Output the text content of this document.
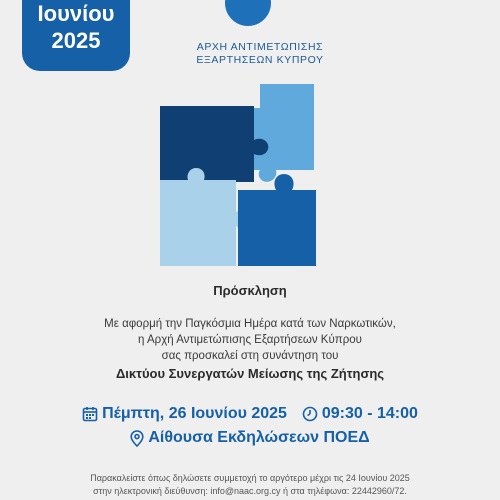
Ιουνίου
2025	ΑΡΧΗ ΑΝΤΙΜΕΤΩΠΙΣΗΣ
ΕΞΑΡΤΗΣΕΩΝ ΚΥΠΡΟΥ
Πρόσκληση
Με αφορμή την Παγκόσμια Ημέρα κατά των Ναρκωτικών,
η Αρχή Αντιμετώπισης Εξαρτήσεων Κύπρου
σας προσκαλεί στη συνάντηση του
Δικτύου Συνεργατών Μείωσης της Ζήτησης
Πέμπτη, 26 Ιουνίου 2025
09:30 - 14:00
Αίθουσα Εκδηλώσεων ΠΟΕΔ
Παρακαλείστε όπως δηλώσετε συμμετοχή το αργότερο μέχρι τις 24 Ιουνίου 2025
στην ηλεκτρονική διεύθυνση: info@naac.org.cy ή στα τηλέφωνα: 22442960/72.
